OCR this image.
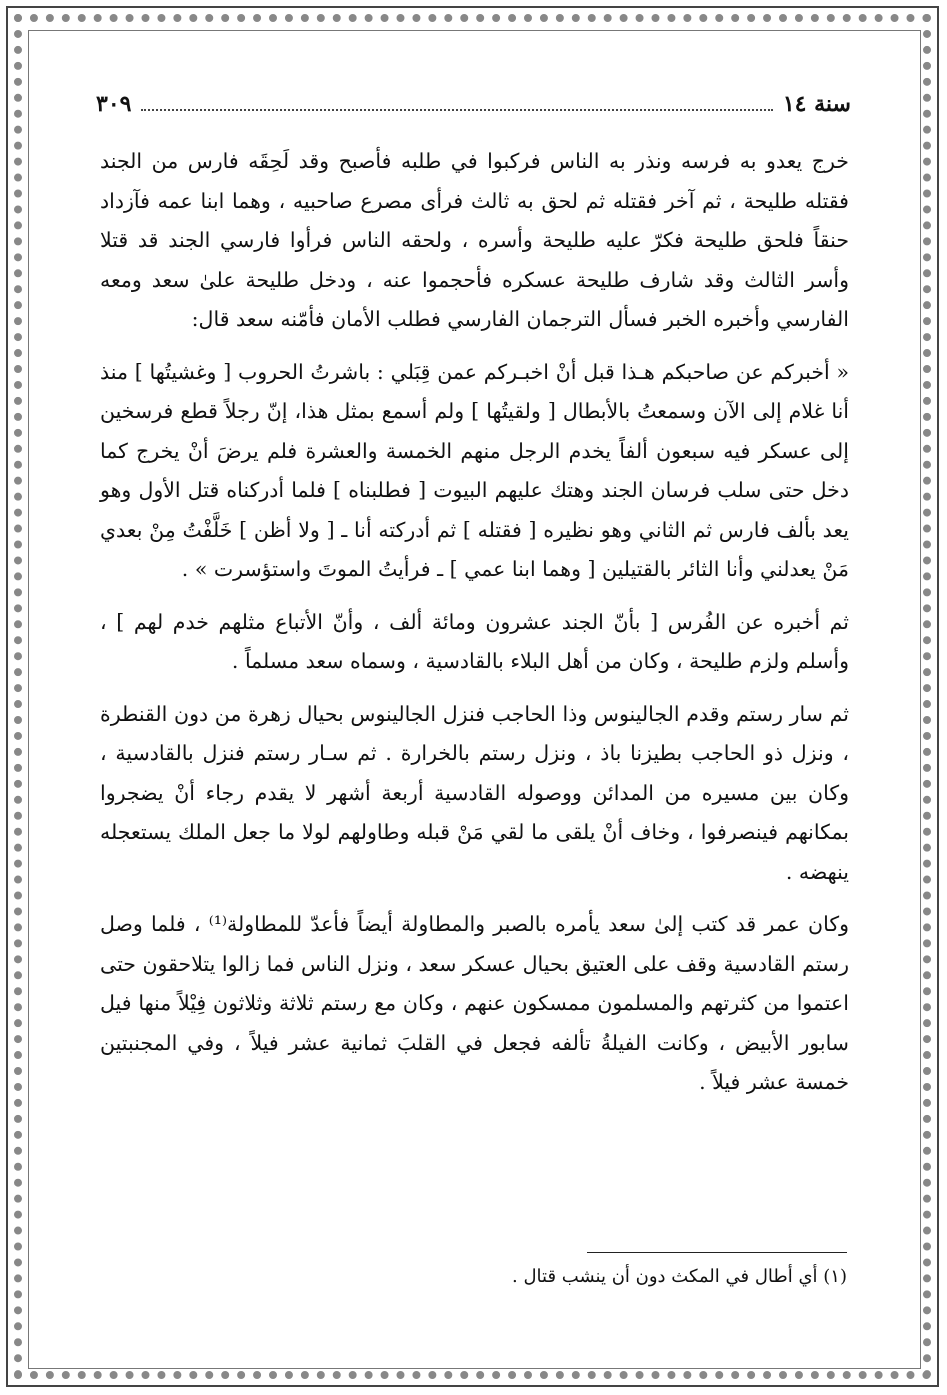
سنة ١٤
٣٠٩

خرج يعدو به فرسه ونذر به الناس فركبوا في طلبه فأصبح وقد لَحِقَه فارس من الجند فقتله طليحة ، ثم آخر فقتله ثم لحق به ثالث فرأى مصرع صاحبيه ، وهما ابنا عمه فآزداد حنقاً فلحق طليحة فكرّ عليه طليحة وأسره ، ولحقه الناس فرأوا فارسي الجند قد قتلا وأسر الثالث وقد شارف طليحة عسكره فأحجموا عنه ، ودخل طليحة علىٰ سعد ومعه الفارسي وأخبره الخبر فسأل الترجمان الفارسي فطلب الأمان فأمّنه سعد قال:

« أخبركم عن صاحبكم هـذا قبل أنْ اخبـركم عمن قِبَلي : باشرتُ الحروب [ وغشيتُها ] منذ أنا غلام إلى الآن وسمعتُ بالأبطال [ ولقيتُها ] ولم أسمع بمثل هذا، إنّ رجلاً قطع فرسخين إلى عسكر فيه سبعون ألفاً يخدم الرجل منهم الخمسة والعشرة فلم يرضَ أنْ يخرج كما دخل حتى سلب فرسان الجند وهتك عليهم البيوت [ فطلبناه ] فلما أدركناه قتل الأول وهو يعد بألف فارس ثم الثاني وهو نظيره [ فقتله ] ثم أدركته أنا ـ [ ولا أظن ] خَلَّفْتُ مِنْ بعدي مَنْ يعدلني وأنا الثائر بالقتيلين [ وهما ابنا عمي ] ـ فرأيتُ الموتَ واستؤسرت » .

ثم أخبره عن الفُرس [ بأنّ الجند عشرون ومائة ألف ، وأنّ الأتباع مثلهم خدم لهم ] ، وأسلم ولزم طليحة ، وكان من أهل البلاء بالقادسية ، وسماه سعد مسلماً .

ثم سار رستم وقدم الجالينوس وذا الحاجب فنزل الجالينوس بحيال زهرة من دون القنطرة ، ونزل ذو الحاجب بطيزنا باذ ، ونزل رستم بالخرارة . ثم سـار رستم فنزل بالقادسية ، وكان بين مسيره من المدائن ووصوله القادسية أربعة أشهر لا يقدم رجاء أنْ يضجروا بمكانهم فينصرفوا ، وخاف أنْ يلقى ما لقي مَنْ قبله وطاولهم لولا ما جعل الملك يستعجله ينهضه .

وكان عمر قد كتب إلىٰ سعد يأمره بالصبر والمطاولة أيضاً فأعدّ للمطاولة⁽¹⁾ ، فلما وصل رستم القادسية وقف على العتيق بحيال عسكر سعد ، ونزل الناس فما زالوا يتلاحقون حتى اعتموا من كثرتهم والمسلمون ممسكون عنهم ، وكان مع رستم ثلاثة وثلاثون فِيْلاً منها فيل سابور الأبيض ، وكانت الفيلةُ تألفه فجعل في القلبَ ثمانية عشر فيلاً ، وفي المجنبتين خمسة عشر فيلاً .

(١) أي أطال في المكث دون أن ينشب قتال .
